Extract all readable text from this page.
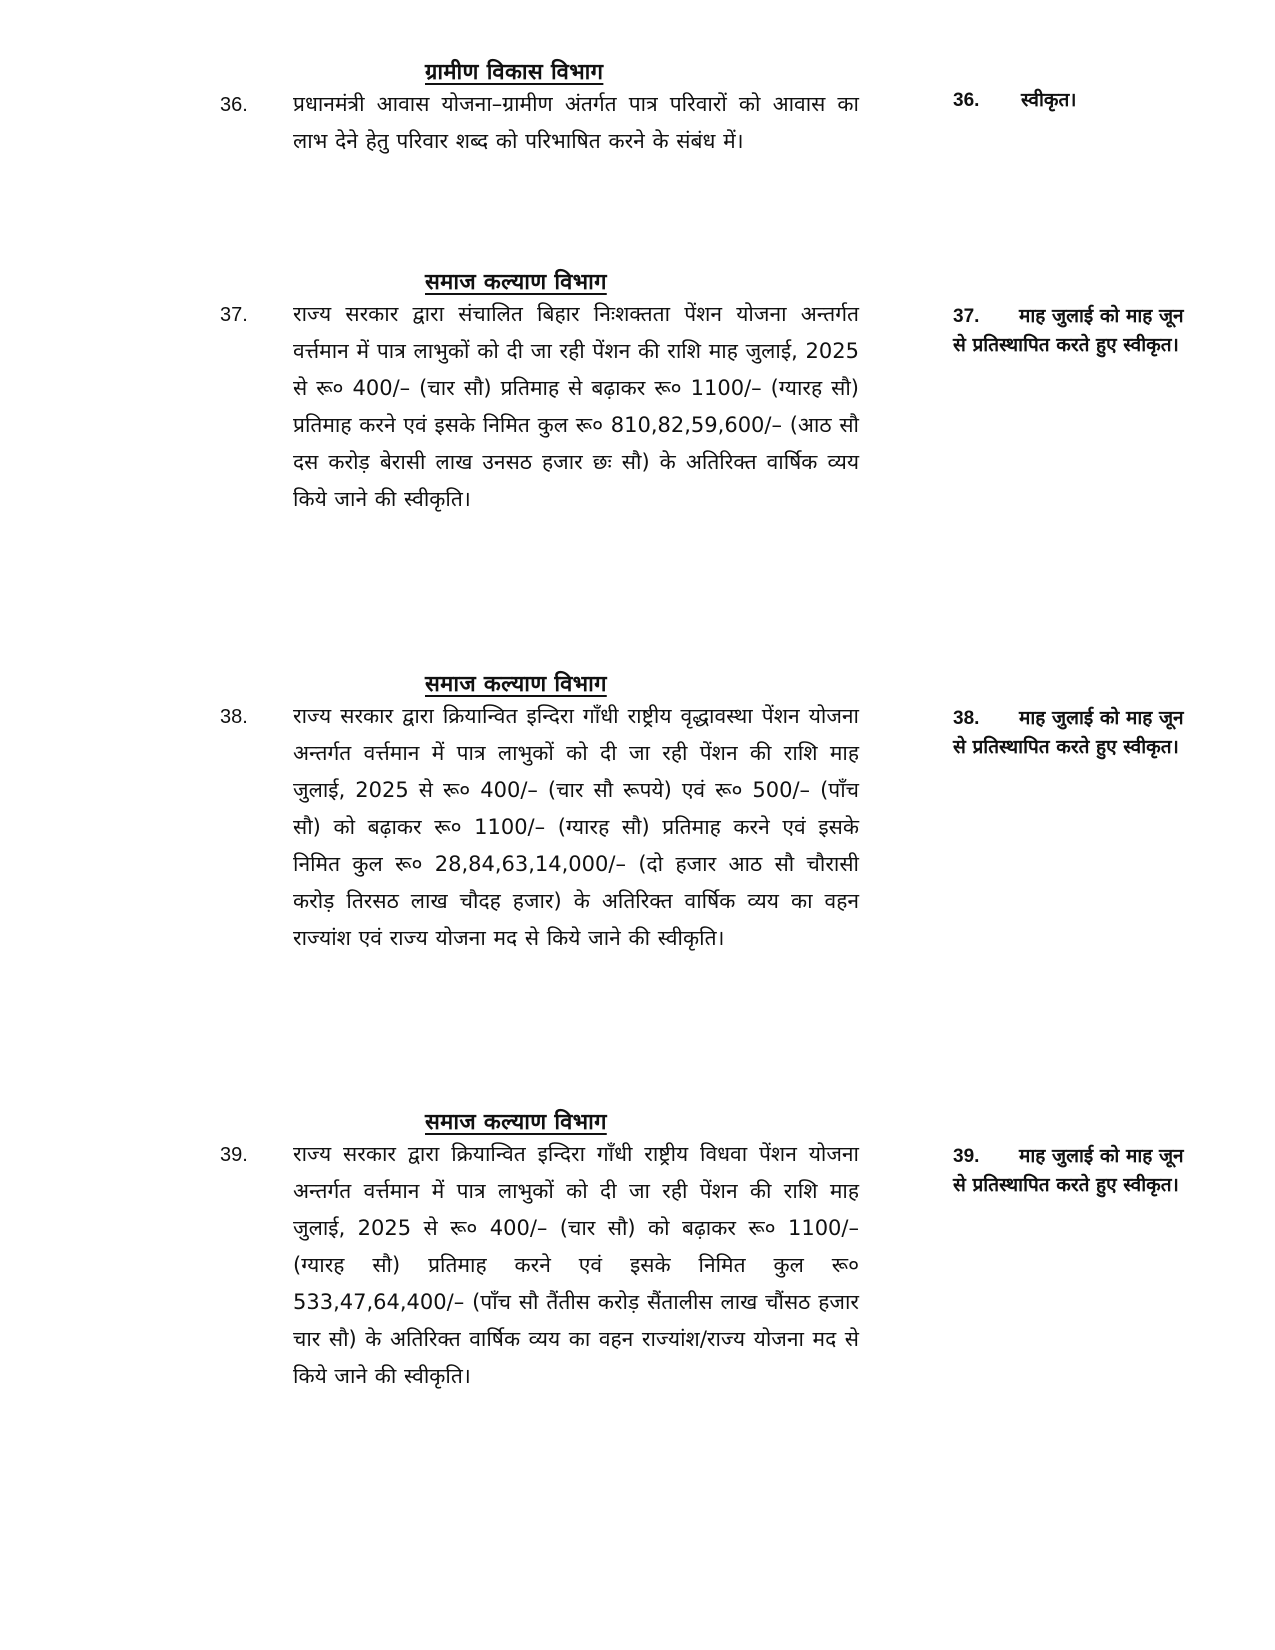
ग्रामीण विकास विभाग
36. प्रधानमंत्री आवास योजना–ग्रामीण अंतर्गत पात्र परिवारों को आवास का लाभ देने हेतु परिवार शब्द को परिभाषित करने के संबंध में।
36. स्वीकृत।
समाज कल्याण विभाग
37. राज्य सरकार द्वारा संचालित बिहार निःशक्तता पेंशन योजना अन्तर्गत वर्त्तमान में पात्र लाभुकों को दी जा रही पेंशन की राशि माह जुलाई, 2025 से रू० 400/– (चार सौ) प्रतिमाह से बढ़ाकर रू० 1100/– (ग्यारह सौ) प्रतिमाह करने एवं इसके निमित कुल रू० 810,82,59,600/– (आठ सौ दस करोड़ बेरासी लाख उनसठ हजार छः सौ) के अतिरिक्त वार्षिक व्यय किये जाने की स्वीकृति।
37. माह जुलाई को माह जून से प्रतिस्थापित करते हुए स्वीकृत।
समाज कल्याण विभाग
38. राज्य सरकार द्वारा क्रियान्वित इन्दिरा गाँधी राष्ट्रीय वृद्धावस्था पेंशन योजना अन्तर्गत वर्त्तमान में पात्र लाभुकों को दी जा रही पेंशन की राशि माह जुलाई, 2025 से रू० 400/– (चार सौ रूपये) एवं रू० 500/– (पाँच सौ) को बढ़ाकर रू० 1100/– (ग्यारह सौ) प्रतिमाह करने एवं इसके निमित कुल रू० 28,84,63,14,000/– (दो हजार आठ सौ चौरासी करोड़ तिरसठ लाख चौदह हजार) के अतिरिक्त वार्षिक व्यय का वहन राज्यांश एवं राज्य योजना मद से किये जाने की स्वीकृति।
38. माह जुलाई को माह जून से प्रतिस्थापित करते हुए स्वीकृत।
समाज कल्याण विभाग
39. राज्य सरकार द्वारा क्रियान्वित इन्दिरा गाँधी राष्ट्रीय विधवा पेंशन योजना अन्तर्गत वर्त्तमान में पात्र लाभुकों को दी जा रही पेंशन की राशि माह जुलाई, 2025 से रू० 400/– (चार सौ) को बढ़ाकर रू० 1100/– (ग्यारह सौ) प्रतिमाह करने एवं इसके निमित कुल रू० 533,47,64,400/– (पाँच सौ तैंतीस करोड़ सैंतालीस लाख चौंसठ हजार चार सौ) के अतिरिक्त वार्षिक व्यय का वहन राज्यांश/राज्य योजना मद से किये जाने की स्वीकृति।
39. माह जुलाई को माह जून से प्रतिस्थापित करते हुए स्वीकृत।
